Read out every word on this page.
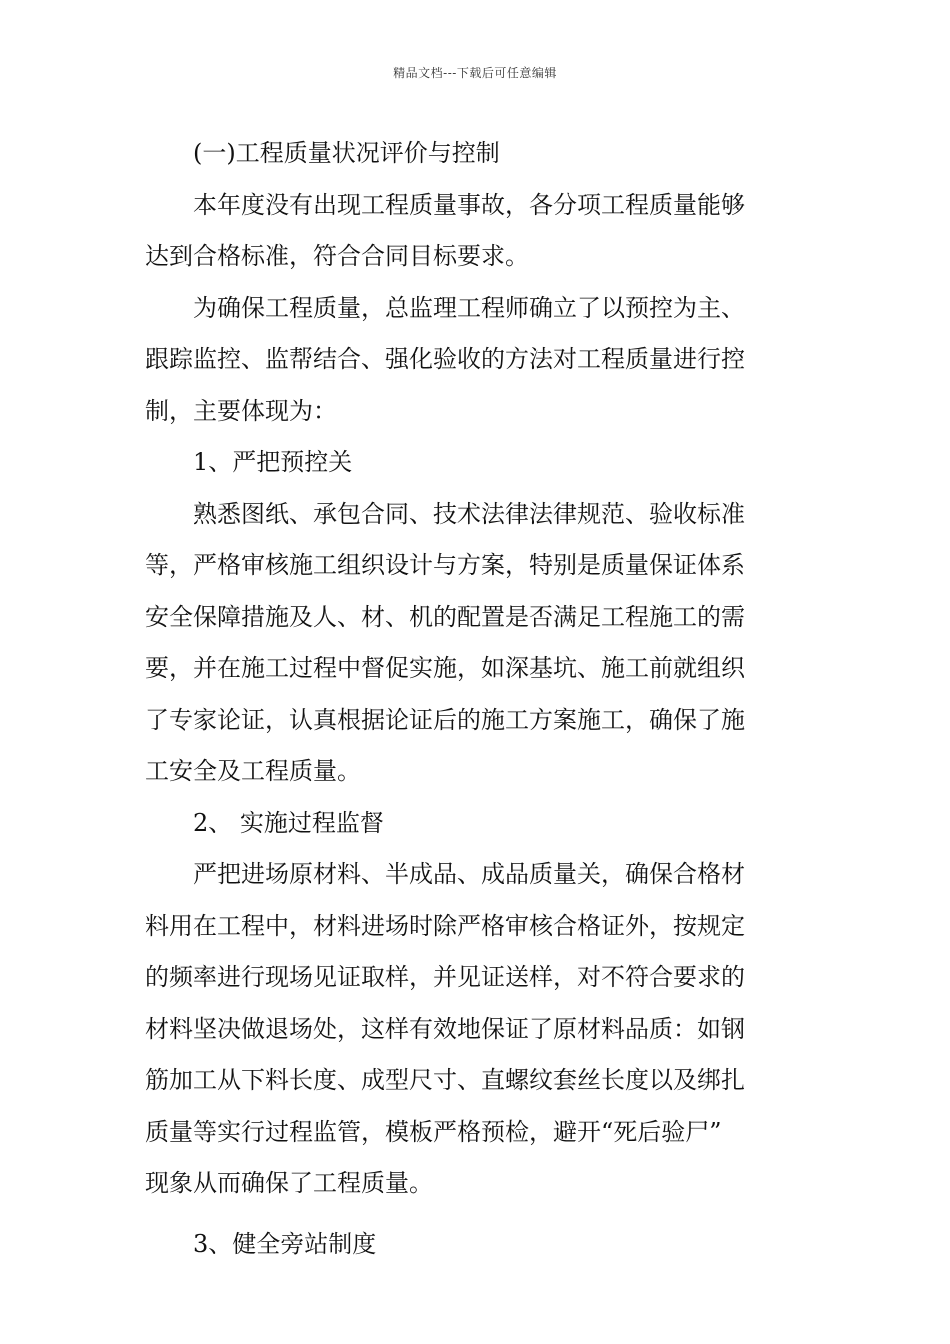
精品文档---下载后可任意编辑
(一)工程质量状况评价与控制
本年度没有出现工程质量事故，各分项工程质量能够
达到合格标准，符合合同目标要求。
为确保工程质量，总监理工程师确立了以预控为主、
跟踪监控、监帮结合、强化验收的方法对工程质量进行控
制，主要体现为：
1、严把预控关
熟悉图纸、承包合同、技术法律法律规范、验收标准
等，严格审核施工组织设计与方案，特别是质量保证体系
安全保障措施及人、材、机的配置是否满足工程施工的需
要，并在施工过程中督促实施，如深基坑、施工前就组织
了专家论证，认真根据论证后的施工方案施工，确保了施
工安全及工程质量。
2、 实施过程监督
严把进场原材料、半成品、成品质量关，确保合格材
料用在工程中，材料进场时除严格审核合格证外，按规定
的频率进行现场见证取样，并见证送样，对不符合要求的
材料坚决做退场处，这样有效地保证了原材料品质：如钢
筋加工从下料长度、成型尺寸、直螺纹套丝长度以及绑扎
质量等实行过程监管，模板严格预检，避开“死后验尸”
现象从而确保了工程质量。
3、健全旁站制度
